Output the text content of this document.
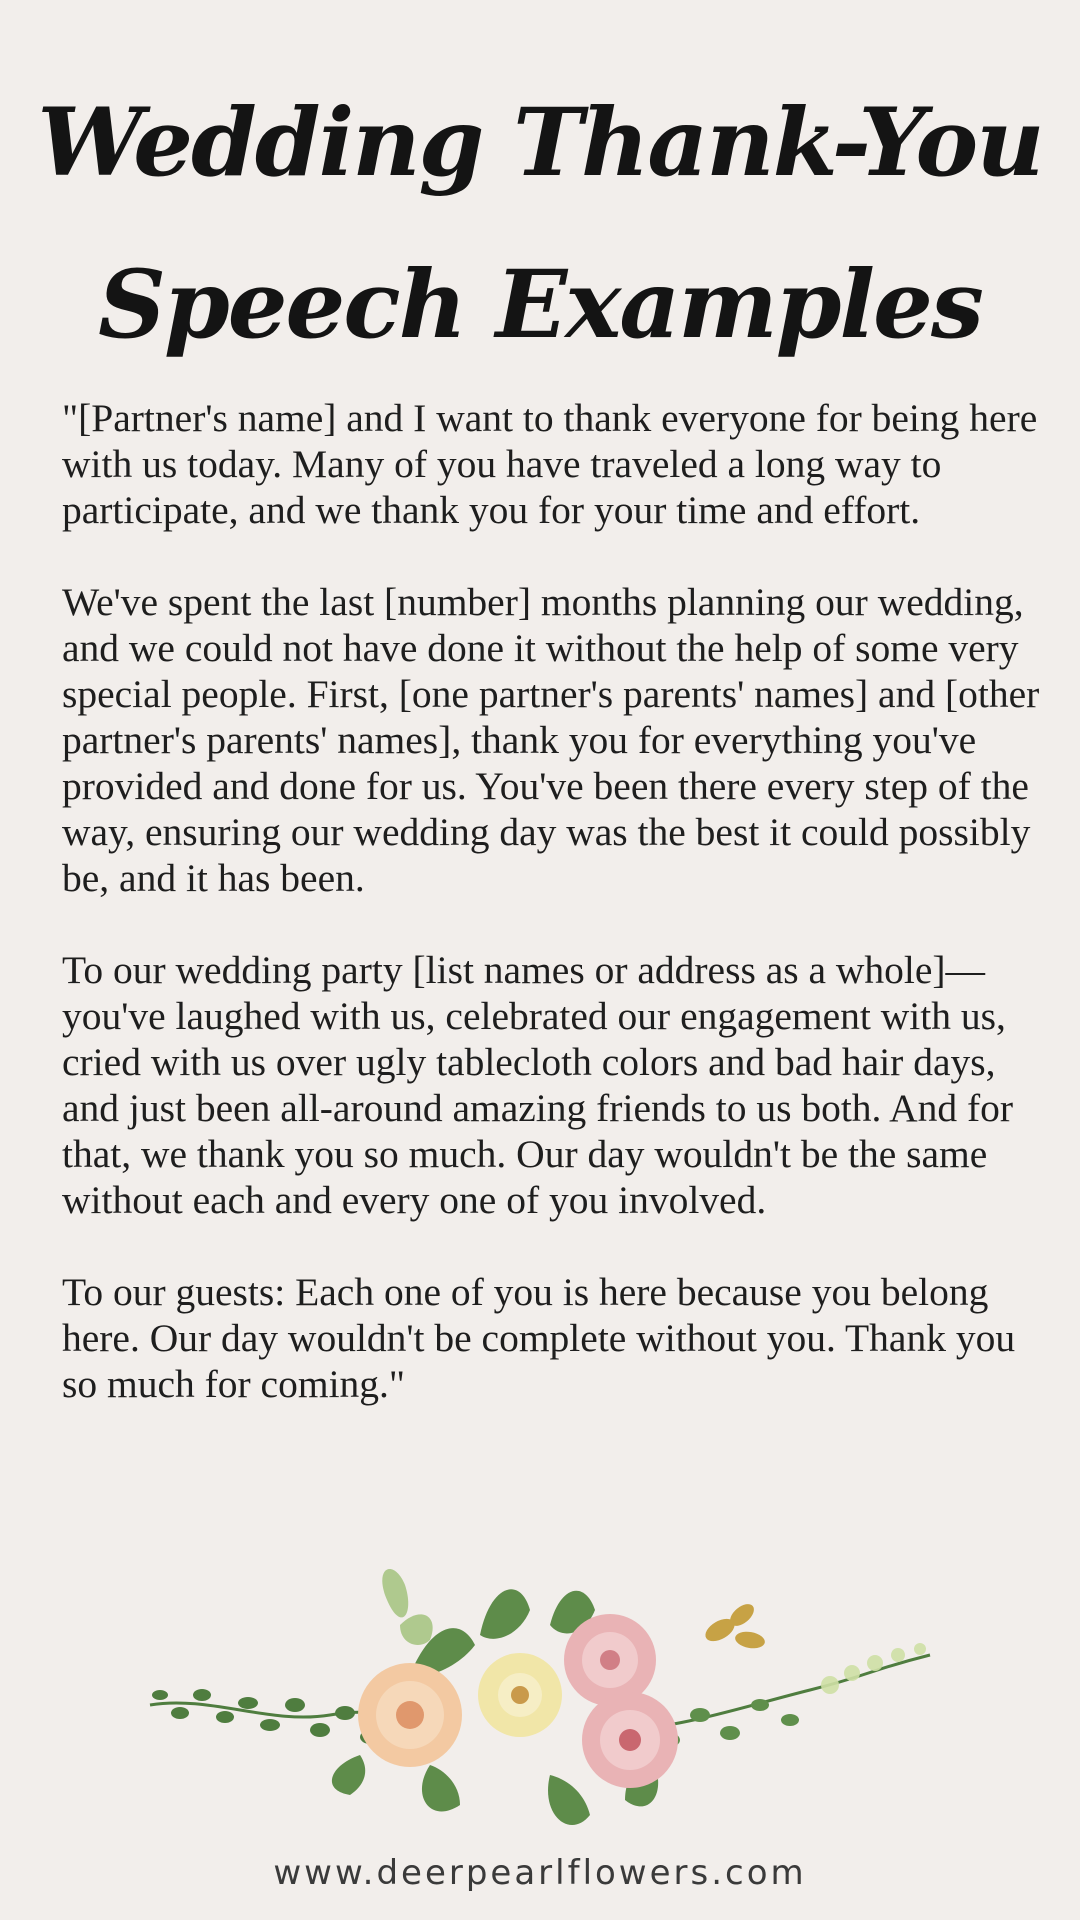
Wedding Thank-You
Speech Examples

"[Partner's name] and I want to thank everyone for being here with us today. Many of you have traveled a long way to participate, and we thank you for your time and effort.

We've spent the last [number] months planning our wedding, and we could not have done it without the help of some very special people. First, [one partner's parents' names] and [other partner's parents' names], thank you for everything you've provided and done for us. You've been there every step of the way, ensuring our wedding day was the best it could possibly be, and it has been.

To our wedding party [list names or address as a whole]—you've laughed with us, celebrated our engagement with us, cried with us over ugly tablecloth colors and bad hair days, and just been all-around amazing friends to us both. And for that, we thank you so much. Our day wouldn't be the same without each and every one of you involved.

To our guests: Each one of you is here because you belong here. Our day wouldn't be complete without you. Thank you so much for coming."

www.deerpearlflowers.com
